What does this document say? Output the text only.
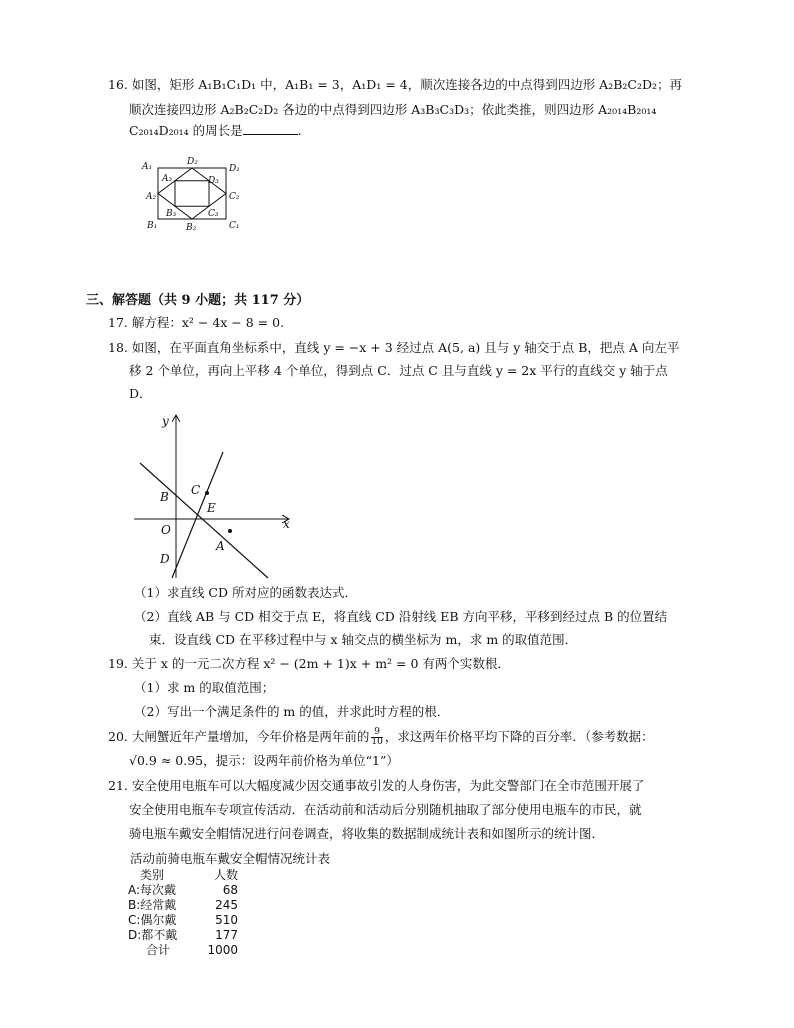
16. 如图，矩形 A₁B₁C₁D₁ 中，A₁B₁ = 3，A₁D₁ = 4，顺次连接各边的中点得到四边形 A₂B₂C₂D₂；再
顺次连接四边形 A₂B₂C₂D₂ 各边的中点得到四边形 A₃B₃C₃D₃；依此类推，则四边形 A₂₀₁₄B₂₀₁₄
C₂₀₁₄D₂₀₁₄ 的周长是	.
A₁	D₂
D₁
A₃	D₃
A₂	C₂
B₃	C₃
B₁	B₂	C₁
三、解答题（共 9 小题；共 117 分）
17. 解方程：x² − 4x − 8 = 0.
18. 如图，在平面直角坐标系中，直线 y = −x + 3 经过点 A(5, a) 且与 y 轴交于点 B，把点 A 向左平
移 2 个单位，再向上平移 4 个单位，得到点 C．过点 C 且与直线 y = 2x 平行的直线交 y 轴于点
D．
y
x
B C
E
O
A
D
（1）求直线 CD 所对应的函数表达式．
（2）直线 AB 与 CD 相交于点 E，将直线 CD 沿射线 EB 方向平移，平移到经过点 B 的位置结
束．设直线 CD 在平移过程中与 x 轴交点的横坐标为 m，求 m 的取值范围．
19. 关于 x 的一元二次方程 x² − (2m + 1)x + m² = 0 有两个实数根．
（1）求 m 的取值范围；
（2）写出一个满足条件的 m 的值，并求此时方程的根．
20. 大闸蟹近年产量增加，今年价格是两年前的 $\frac{9}{10}$ ，求这两年价格平均下降的百分率．（参考数据：
√0.9 ≈ 0.95，提示：设两年前价格为单位“1”）
21. 安全使用电瓶车可以大幅度减少因交通事故引发的人身伤害，为此交警部门在全市范围开展了
安全使用电瓶车专项宣传活动．在活动前和活动后分别随机抽取了部分使用电瓶车的市民，就
骑电瓶车戴安全帽情况进行问卷调查，将收集的数据制成统计表和如图所示的统计图．
活动前骑电瓶车戴安全帽情况统计表
类别	人数
A:每次戴	68
B:经常戴	245
C:偶尔戴	510
D:都不戴	177
合计	1000
